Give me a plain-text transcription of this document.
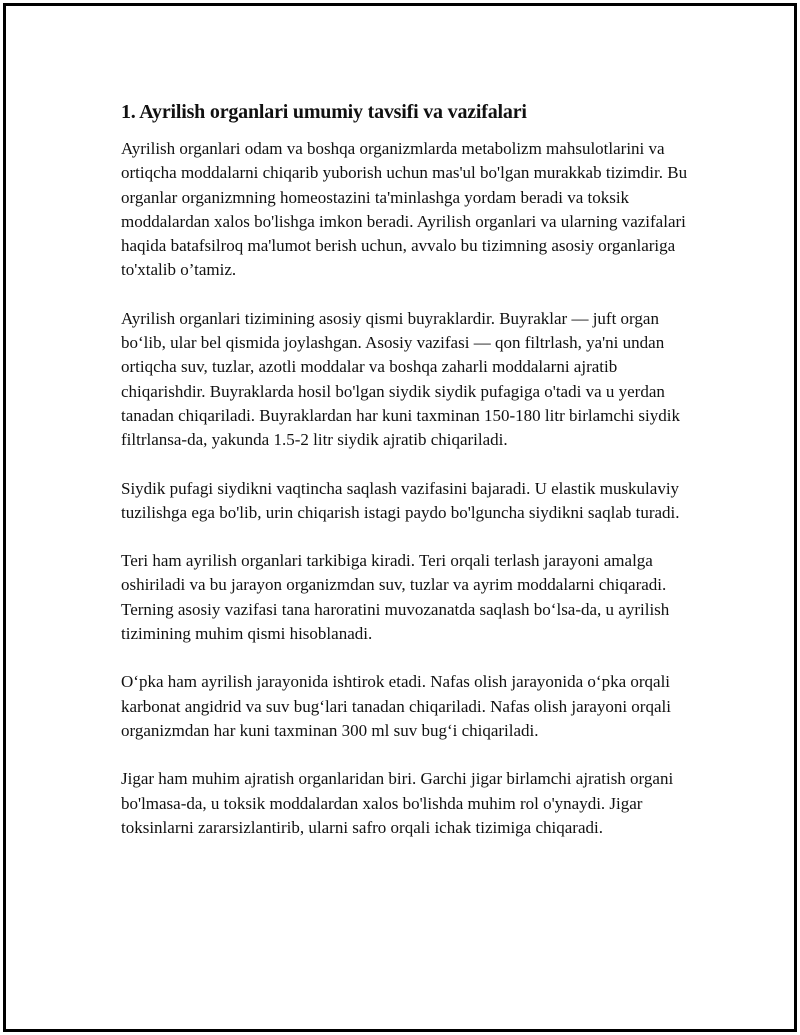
1. Ayrilish organlari umumiy tavsifi va vazifalari

Ayrilish organlari odam va boshqa organizmlarda metabolizm mahsulotlarini va ortiqcha moddalarni chiqarib yuborish uchun mas'ul bo'lgan murakkab tizimdir. Bu organlar organizmning homeostazini ta'minlashga yordam beradi va toksik moddalardan xalos bo'lishga imkon beradi. Ayrilish organlari va ularning vazifalari haqida batafsilroq ma'lumot berish uchun, avvalo bu tizimning asosiy organlariga to'xtalib o’tamiz.

Ayrilish organlari tizimining asosiy qismi buyraklardir. Buyraklar — juft organ bo‘lib, ular bel qismida joylashgan. Asosiy vazifasi — qon filtrlash, ya'ni undan ortiqcha suv, tuzlar, azotli moddalar va boshqa zaharli moddalarni ajratib chiqarishdir. Buyraklarda hosil bo'lgan siydik siydik pufagiga o'tadi va u yerdan tanadan chiqariladi. Buyraklardan har kuni taxminan 150-180 litr birlamchi siydik filtrlansa-da, yakunda 1.5-2 litr siydik ajratib chiqariladi.

Siydik pufagi siydikni vaqtincha saqlash vazifasini bajaradi. U elastik muskulaviy tuzilishga ega bo'lib, urin chiqarish istagi paydo bo'lguncha siydikni saqlab turadi.

Teri ham ayrilish organlari tarkibiga kiradi. Teri orqali terlash jarayoni amalga oshiriladi va bu jarayon organizmdan suv, tuzlar va ayrim moddalarni chiqaradi. Terning asosiy vazifasi tana haroratini muvozanatda saqlash bo‘lsa-da, u ayrilish tizimining muhim qismi hisoblanadi.

O‘pka ham ayrilish jarayonida ishtirok etadi. Nafas olish jarayonida o‘pka orqali karbonat angidrid va suv bug‘lari tanadan chiqariladi. Nafas olish jarayoni orqali organizmdan har kuni taxminan 300 ml suv bug‘i chiqariladi.

Jigar ham muhim ajratish organlaridan biri. Garchi jigar birlamchi ajratish organi bo'lmasa-da, u toksik moddalardan xalos bo'lishda muhim rol o'ynaydi. Jigar toksinlarni zararsizlantirib, ularni safro orqali ichak tizimiga chiqaradi.
